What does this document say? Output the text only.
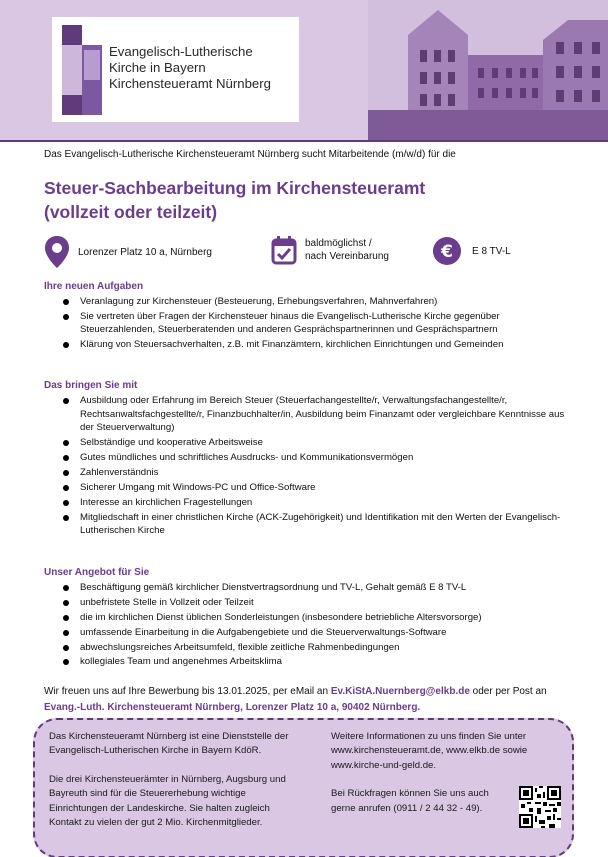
Evangelisch-Lutherische
Kirche in Bayern
Kirchensteueramt Nürnberg
Das Evangelisch-Lutherische Kirchensteueramt Nürnberg sucht Mitarbeitende (m/w/d) für die
Steuer-Sachbearbeitung im Kirchensteueramt
(vollzeit oder teilzeit)
Lorenzer Platz 10 a, Nürnberg
baldmöglichst /
nach Vereinbarung	€ E 8 TV-L
Ihre neuen Aufgaben
Veranlagung zur Kirchensteuer (Besteuerung, Erhebungsverfahren, Mahnverfahren)
Sie vertreten über Fragen der Kirchensteuer hinaus die Evangelisch-Lutherische Kirche gegenüber Steuerzahlenden, Steuerberatenden und anderen Gesprächspartnerinnen und Gesprächspartnern
Klärung von Steuersachverhalten, z.B. mit Finanzämtern, kirchlichen Einrichtungen und Gemeinden
Das bringen Sie mit
Ausbildung oder Erfahrung im Bereich Steuer (Steuerfachangestellte/r, Verwaltungsfachangestellte/r, Rechtsanwaltsfachgestellte/r, Finanzbuchhalter/in, Ausbildung beim Finanzamt oder vergleichbare Kenntnisse aus der Steuerverwaltung)
Selbständige und kooperative Arbeitsweise
Gutes mündliches und schriftliches Ausdrucks- und Kommunikationsvermögen
Zahlenverständnis
Sicherer Umgang mit Windows-PC und Office-Software
Interesse an kirchlichen Fragestellungen
Mitgliedschaft in einer christlichen Kirche (ACK-Zugehörigkeit) und Identifikation mit den Werten der Evangelisch-Lutherischen Kirche
Unser Angebot für Sie
Beschäftigung gemäß kirchlicher Dienstvertragsordnung und TV-L, Gehalt gemäß E 8 TV-L
unbefristete Stelle in Vollzeit oder Teilzeit
die im kirchlichen Dienst üblichen Sonderleistungen (insbesondere betriebliche Altersvorsorge)
umfassende Einarbeitung in die Aufgabengebiete und die Steuerverwaltungs-Software
abwechslungsreiches Arbeitsumfeld, flexible zeitliche Rahmenbedingungen
kollegiales Team und angenehmes Arbeitsklima
Wir freuen uns auf Ihre Bewerbung bis 13.01.2025, per eMail an Ev.KiStA.Nuernberg@elkb.de oder per Post an Evang.-Luth. Kirchensteueramt Nürnberg, Lorenzer Platz 10 a, 90402 Nürnberg.

Das Kirchensteueramt Nürnberg ist eine Dienststelle der Evangelisch-Lutherischen Kirche in Bayern KdöR.

Die drei Kirchensteuerämter in Nürnberg, Augsburg und Bayreuth sind für die Steuererhebung wichtige Einrichtungen der Landeskirche. Sie halten zugleich Kontakt zu vielen der gut 2 Mio. Kirchenmitglieder.

Weitere Informationen zu uns finden Sie unter www.kirchensteueramt.de, www.elkb.de sowie www.kirche-und-geld.de.

Bei Rückfragen können Sie uns auch gerne anrufen (0911 / 2 44 32 - 49).
